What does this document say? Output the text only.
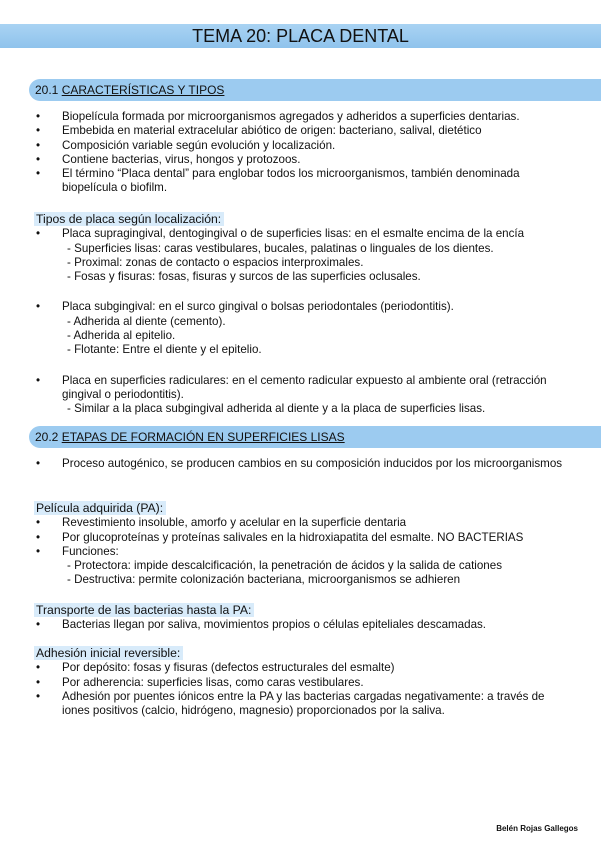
TEMA 20: PLACA DENTAL
20.1 CARACTERÍSTICAS Y TIPOS
• Biopelícula formada por microorganismos agregados y adheridos a superficies dentarias.
• Embebida en material extracelular abiótico de origen: bacteriano, salival, dietético
• Composición variable según evolución y localización.
• Contiene bacterias, virus, hongos y protozoos.
• El término “Placa dental” para englobar todos los microorganismos, también denominada biopelícula o biofilm.
Tipos de placa según localización:
• Placa supragingival, dentogingival o de superficies lisas: en el esmalte encima de la encía
- Superficies lisas: caras vestibulares, bucales, palatinas o linguales de los dientes.
- Proximal: zonas de contacto o espacios interproximales.
- Fosas y fisuras: fosas, fisuras y surcos de las superficies oclusales.
• Placa subgingival: en el surco gingival o bolsas periodontales (periodontitis).
- Adherida al diente (cemento).
- Adherida al epitelio.
- Flotante: Entre el diente y el epitelio.
• Placa en superficies radiculares: en el cemento radicular expuesto al ambiente oral (retracción gingival o periodontitis).
- Similar a la placa subgingival adherida al diente y a la placa de superficies lisas.
20.2 ETAPAS DE FORMACIÓN EN SUPERFICIES LISAS
• Proceso autogénico, se producen cambios en su composición inducidos por los microorganismos
Película adquirida (PA):
• Revestimiento insoluble, amorfo y acelular en la superficie dentaria
• Por glucoproteínas y proteínas salivales en la hidroxiapatita del esmalte. NO BACTERIAS
• Funciones:
- Protectora: impide descalcificación, la penetración de ácidos y la salida de cationes
- Destructiva: permite colonización bacteriana, microorganismos se adhieren
Transporte de las bacterias hasta la PA:
• Bacterias llegan por saliva, movimientos propios o células epiteliales descamadas.
Adhesión inicial reversible:
• Por depósito: fosas y fisuras (defectos estructurales del esmalte)
• Por adherencia: superficies lisas, como caras vestibulares.
• Adhesión por puentes iónicos entre la PA y las bacterias cargadas negativamente: a través de iones positivos (calcio, hidrógeno, magnesio) proporcionados por la saliva.
Belén Rojas Gallegos
